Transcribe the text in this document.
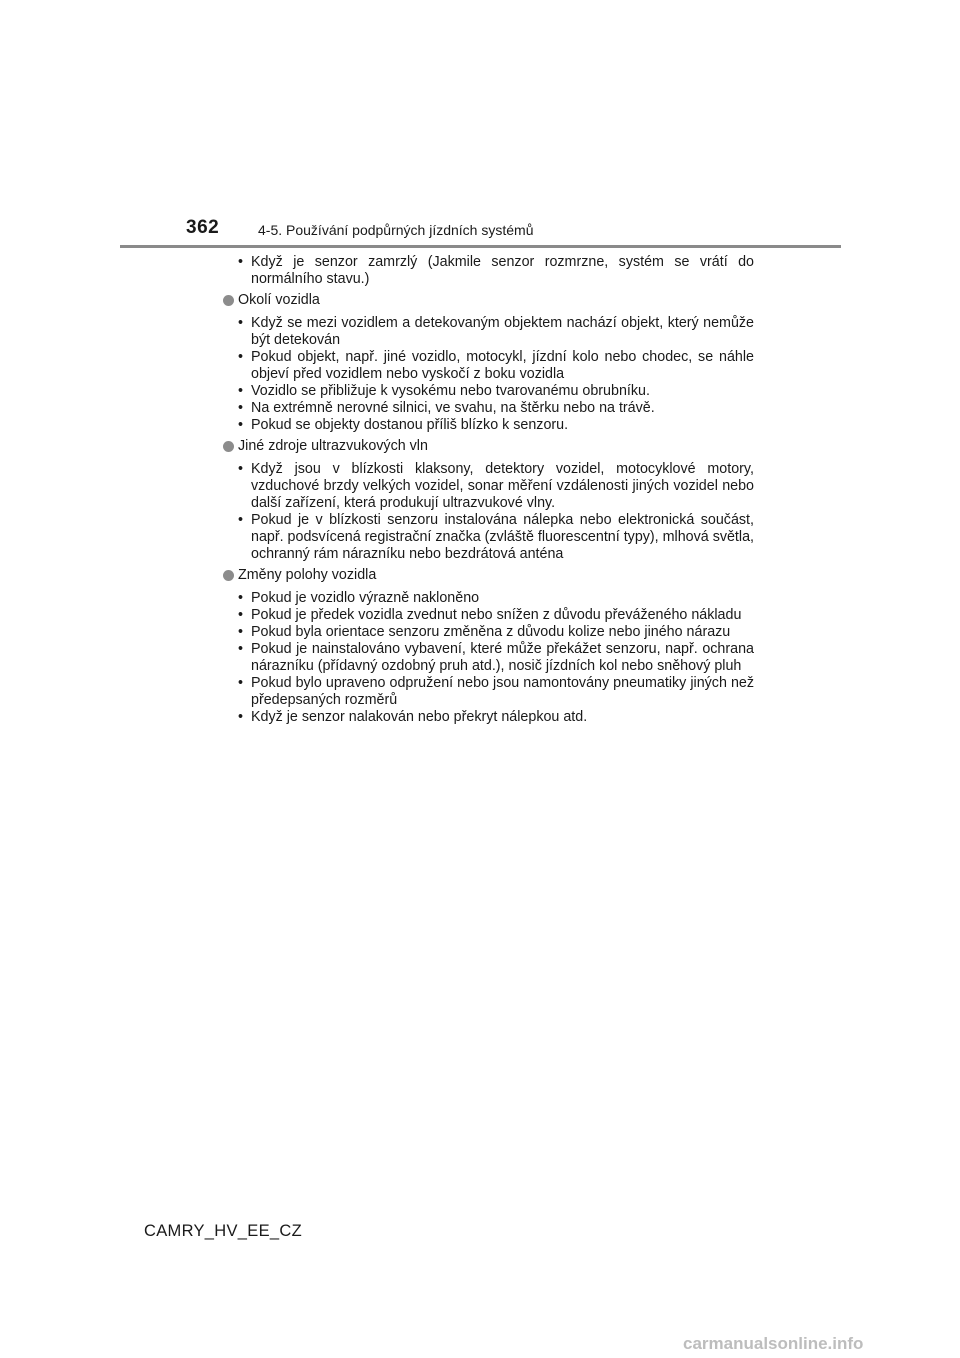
362	4-5. Používání podpůrných jízdních systémů
• Když je senzor zamrzlý (Jakmile senzor rozmrzne, systém se vrátí do normálního stavu.)
Okolí vozidla
• Když se mezi vozidlem a detekovaným objektem nachází objekt, který nemůže být detekován
• Pokud objekt, např. jiné vozidlo, motocykl, jízdní kolo nebo chodec, se náhle objeví před vozidlem nebo vyskočí z boku vozidla
• Vozidlo se přibližuje k vysokému nebo tvarovanému obrubníku.
• Na extrémně nerovné silnici, ve svahu, na štěrku nebo na trávě.
• Pokud se objekty dostanou příliš blízko k senzoru.
Jiné zdroje ultrazvukových vln
• Když jsou v blízkosti klaksony, detektory vozidel, motocyklové motory, vzduchové brzdy velkých vozidel, sonar měření vzdálenosti jiných vozidel nebo další zařízení, která produkují ultrazvukové vlny.
• Pokud je v blízkosti senzoru instalována nálepka nebo elektronická součást, např. podsvícená registrační značka (zvláště fluorescentní typy), mlhová světla, ochranný rám nárazníku nebo bezdrátová anténa
Změny polohy vozidla
• Pokud je vozidlo výrazně nakloněno
• Pokud je předek vozidla zvednut nebo snížen z důvodu převáženého nákladu
• Pokud byla orientace senzoru změněna z důvodu kolize nebo jiného nárazu
• Pokud je nainstalováno vybavení, které může překážet senzoru, např. ochrana nárazníku (přídavný ozdobný pruh atd.), nosič jízdních kol nebo sněhový pluh
• Pokud bylo upraveno odpružení nebo jsou namontovány pneumatiky jiných než předepsaných rozměrů
• Když je senzor nalakován nebo překryt nálepkou atd.
CAMRY_HV_EE_CZ
carmanualsonline.info
